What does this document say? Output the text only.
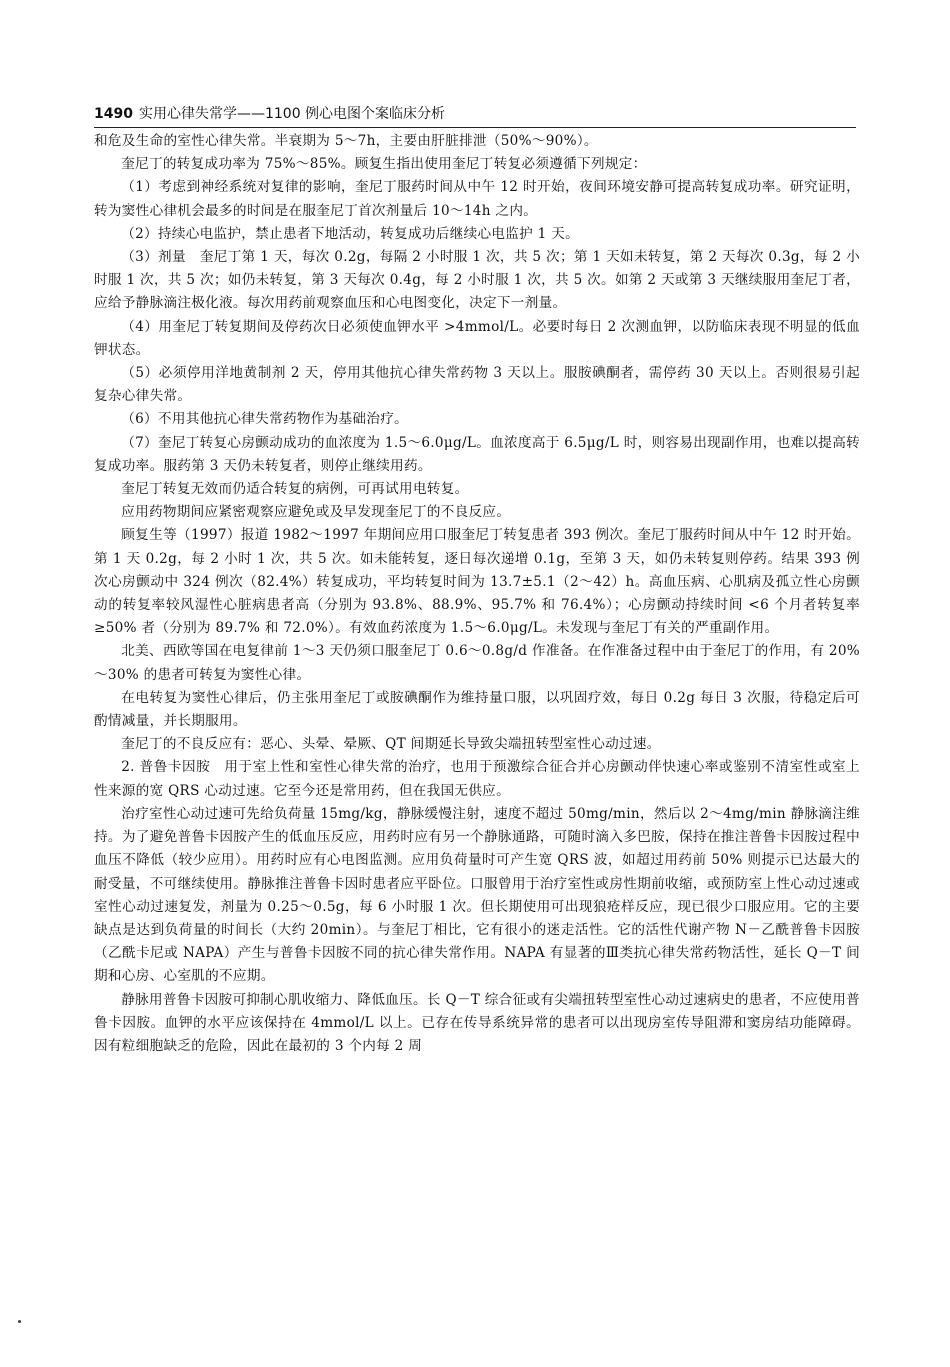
1490 实用心律失常学——1100 例心电图个案临床分析

和危及生命的室性心律失常。半衰期为 5～7h，主要由肝脏排泄（50%～90%）。

奎尼丁的转复成功率为 75%～85%。顾复生指出使用奎尼丁转复必须遵循下列规定：

（1）考虑到神经系统对复律的影响，奎尼丁服药时间从中午 12 时开始，夜间环境安静可提高转复成功率。研究证明，转为窦性心律机会最多的时间是在服奎尼丁首次剂量后 10～14h 之内。

（2）持续心电监护，禁止患者下地活动，转复成功后继续心电监护 1 天。

（3）剂量　奎尼丁第 1 天，每次 0.2g，每隔 2 小时服 1 次，共 5 次；第 1 天如未转复，第 2 天每次 0.3g，每 2 小时服 1 次，共 5 次；如仍未转复，第 3 天每次 0.4g，每 2 小时服 1 次，共 5 次。如第 2 天或第 3 天继续服用奎尼丁者，应给予静脉滴注极化液。每次用药前观察血压和心电图变化，决定下一剂量。

（4）用奎尼丁转复期间及停药次日必须使血钾水平 >4mmol/L。必要时每日 2 次测血钾，以防临床表现不明显的低血钾状态。

（5）必须停用洋地黄制剂 2 天，停用其他抗心律失常药物 3 天以上。服胺碘酮者，需停药 30 天以上。否则很易引起复杂心律失常。

（6）不用其他抗心律失常药物作为基础治疗。

（7）奎尼丁转复心房颤动成功的血浓度为 1.5～6.0μg/L。血浓度高于 6.5μg/L 时，则容易出现副作用，也难以提高转复成功率。服药第 3 天仍未转复者，则停止继续用药。

奎尼丁转复无效而仍适合转复的病例，可再试用电转复。

应用药物期间应紧密观察应避免或及早发现奎尼丁的不良反应。

顾复生等（1997）报道 1982～1997 年期间应用口服奎尼丁转复患者 393 例次。奎尼丁服药时间从中午 12 时开始。第 1 天 0.2g，每 2 小时 1 次，共 5 次。如未能转复，逐日每次递增 0.1g，至第 3 天，如仍未转复则停药。结果 393 例次心房颤动中 324 例次（82.4%）转复成功，平均转复时间为 13.7±5.1（2～42）h。高血压病、心肌病及孤立性心房颤动的转复率较风湿性心脏病患者高（分别为 93.8%、88.9%、95.7% 和 76.4%）；心房颤动持续时间 <6 个月者转复率 ≥50% 者（分别为 89.7% 和 72.0%）。有效血药浓度为 1.5～6.0μg/L。未发现与奎尼丁有关的严重副作用。

北美、西欧等国在电复律前 1～3 天仍须口服奎尼丁 0.6～0.8g/d 作准备。在作准备过程中由于奎尼丁的作用，有 20%～30% 的患者可转复为窦性心律。

在电转复为窦性心律后，仍主张用奎尼丁或胺碘酮作为维持量口服，以巩固疗效，每日 0.2g 每日 3 次服，待稳定后可酌情减量，并长期服用。

奎尼丁的不良反应有：恶心、头晕、晕厥、QT 间期延长导致尖端扭转型室性心动过速。

2. 普鲁卡因胺　用于室上性和室性心律失常的治疗，也用于预激综合征合并心房颤动伴快速心率或鉴别不清室性或室上性来源的宽 QRS 心动过速。它至今还是常用药，但在我国无供应。

治疗室性心动过速可先给负荷量 15mg/kg，静脉缓慢注射，速度不超过 50mg/min，然后以 2～4mg/min 静脉滴注维持。为了避免普鲁卡因胺产生的低血压反应，用药时应有另一个静脉通路，可随时滴入多巴胺，保持在推注普鲁卡因胺过程中血压不降低（较少应用）。用药时应有心电图监测。应用负荷量时可产生宽 QRS 波，如超过用药前 50% 则提示已达最大的耐受量，不可继续使用。静脉推注普鲁卡因时患者应平卧位。口服曾用于治疗室性或房性期前收缩，或预防室上性心动过速或室性心动过速复发，剂量为 0.25～0.5g，每 6 小时服 1 次。但长期使用可出现狼疮样反应，现已很少口服应用。它的主要缺点是达到负荷量的时间长（大约 20min）。与奎尼丁相比，它有很小的迷走活性。它的活性代谢产物 N－乙酰普鲁卡因胺（乙酰卡尼或 NAPA）产生与普鲁卡因胺不同的抗心律失常作用。NAPA 有显著的Ⅲ类抗心律失常药物活性，延长 Q－T 间期和心房、心室肌的不应期。

静脉用普鲁卡因胺可抑制心肌收缩力、降低血压。长 Q－T 综合征或有尖端扭转型室性心动过速病史的患者，不应使用普鲁卡因胺。血钾的水平应该保持在 4mmol/L 以上。已存在传导系统异常的患者可以出现房室传导阻滞和窦房结功能障碍。因有粒细胞缺乏的危险，因此在最初的 3 个内每 2 周
